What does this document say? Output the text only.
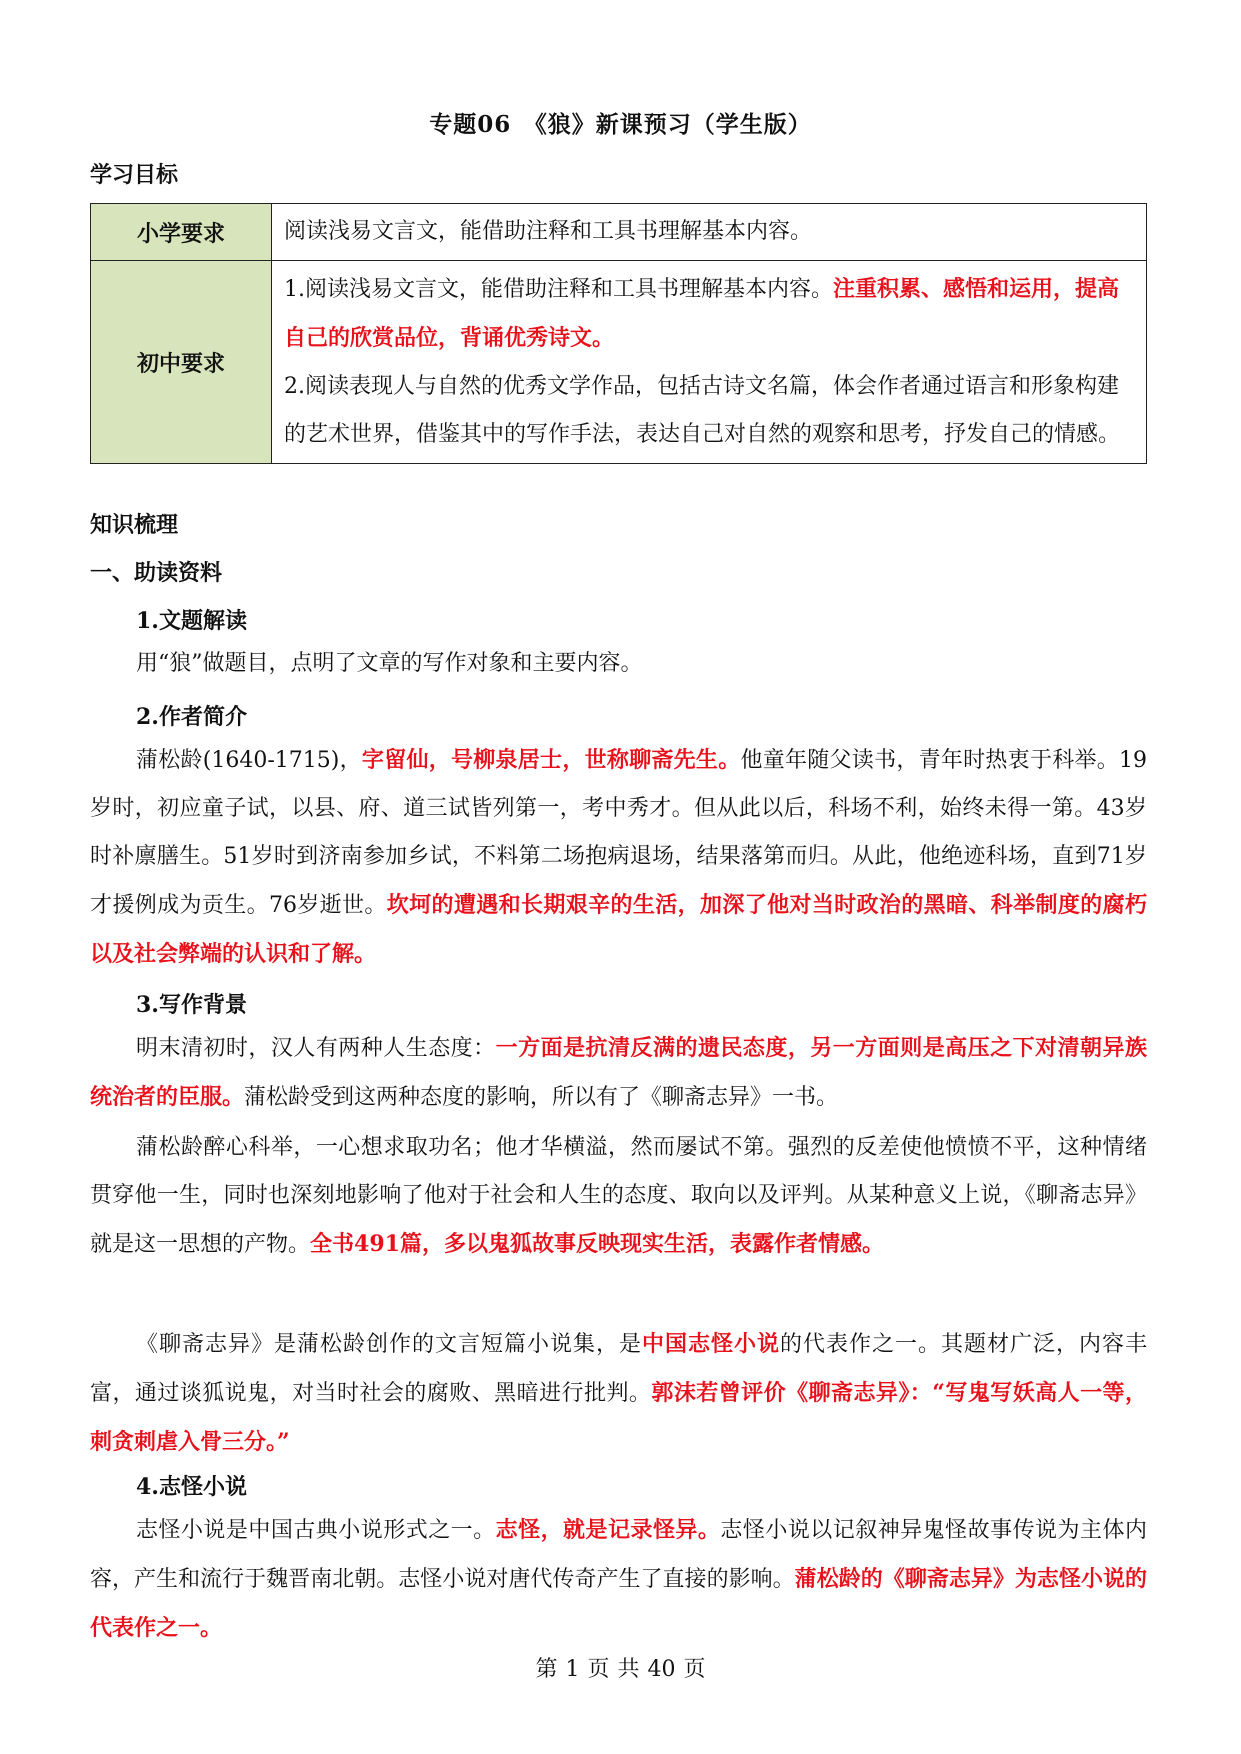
专题06　《狼》新课预习（学生版）
学习目标
小学要求	阅读浅易文言文，能借助注释和工具书理解基本内容。
初中要求	1.阅读浅易文言文，能借助注释和工具书理解基本内容。注重积累、感悟和运用，提高自己的欣赏品位，背诵优秀诗文。
2.阅读表现人与自然的优秀文学作品，包括古诗文名篇，体会作者通过语言和形象构建的艺术世界，借鉴其中的写作手法，表达自己对自然的观察和思考，抒发自己的情感。
知识梳理
一、助读资料
1.文题解读
用“狼”做题目，点明了文章的写作对象和主要内容。
2.作者简介
蒲松龄(1640-1715)，字留仙，号柳泉居士，世称聊斋先生。他童年随父读书，青年时热衷于科举。19岁时，初应童子试，以县、府、道三试皆列第一，考中秀才。但从此以后，科场不利，始终未得一第。43岁时补廪膳生。51岁时到济南参加乡试，不料第二场抱病退场，结果落第而归。从此，他绝迹科场，直到71岁才援例成为贡生。76岁逝世。坎坷的遭遇和长期艰辛的生活，加深了他对当时政治的黑暗、科举制度的腐朽以及社会弊端的认识和了解。
3.写作背景
明末清初时，汉人有两种人生态度：一方面是抗清反满的遗民态度，另一方面则是高压之下对清朝异族统治者的臣服。蒲松龄受到这两种态度的影响，所以有了《聊斋志异》一书。
蒲松龄醉心科举，一心想求取功名；他才华横溢，然而屡试不第。强烈的反差使他愤愤不平，这种情绪贯穿他一生，同时也深刻地影响了他对于社会和人生的态度、取向以及评判。从某种意义上说，《聊斋志异》就是这一思想的产物。全书491篇，多以鬼狐故事反映现实生活，表露作者情感。
《聊斋志异》是蒲松龄创作的文言短篇小说集，是中国志怪小说的代表作之一。其题材广泛，内容丰富，通过谈狐说鬼，对当时社会的腐败、黑暗进行批判。郭沫若曾评价《聊斋志异》：“写鬼写妖高人一等，刺贪刺虐入骨三分。”
4.志怪小说
志怪小说是中国古典小说形式之一。志怪，就是记录怪异。志怪小说以记叙神异鬼怪故事传说为主体内容，产生和流行于魏晋南北朝。志怪小说对唐代传奇产生了直接的影响。蒲松龄的《聊斋志异》为志怪小说的代表作之一。
第 1 页 共 40 页
